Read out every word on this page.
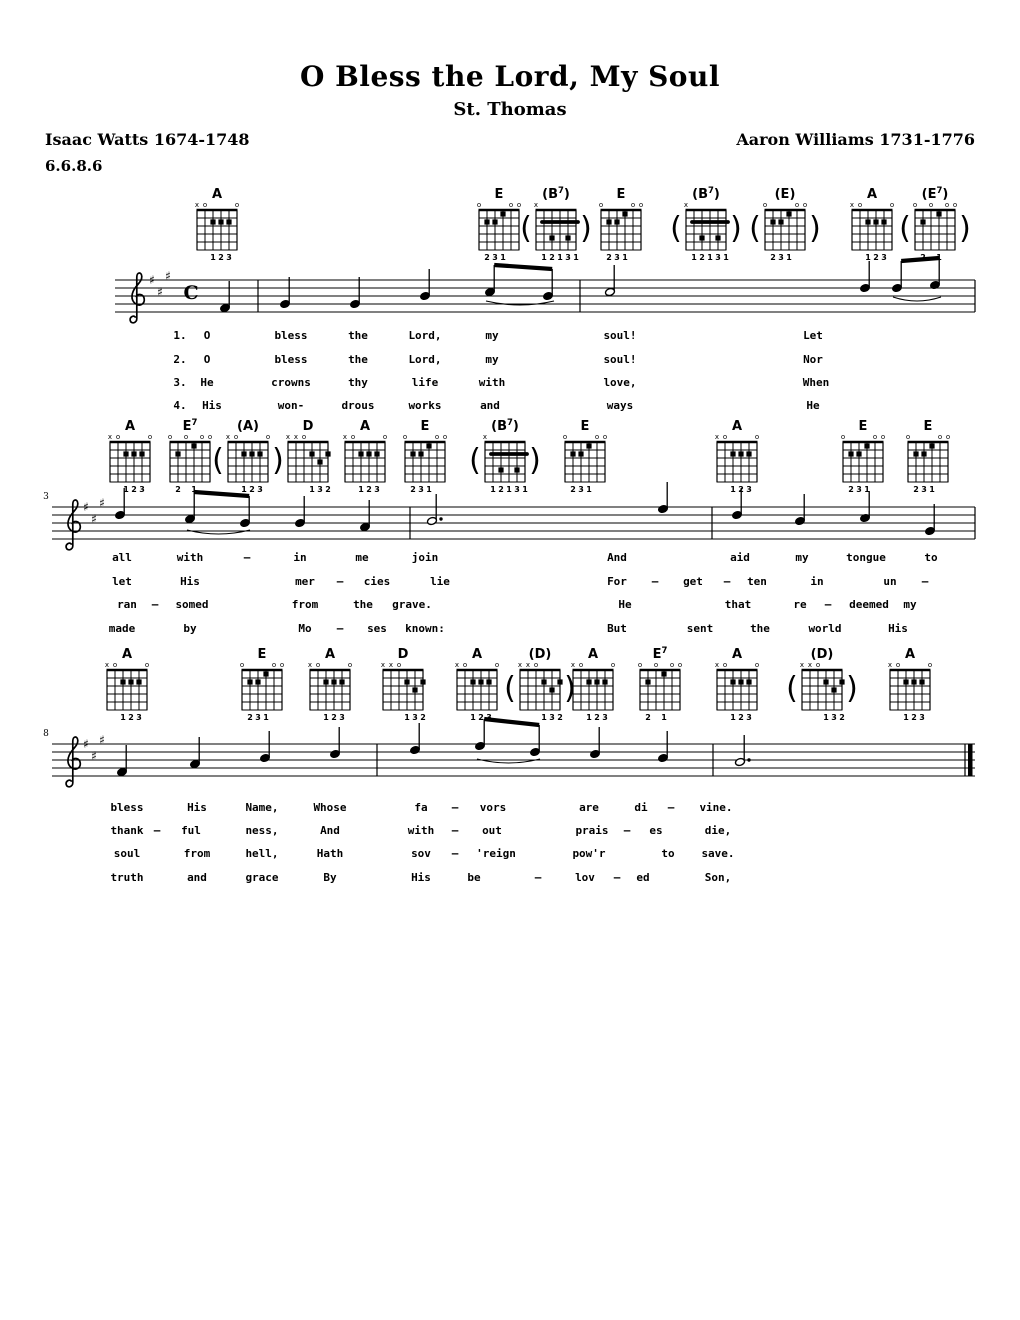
O Bless the Lord, My Soul
St. Thomas
Isaac Watts 1674-1748	Aaron Williams 1731-1776
6.6.8.6
♯
♯
♯
C
3
♯
♯
♯
8
♯
♯
♯
A
x o	o
1 2 3
E
o	o o
2 3 1
$(B^7)$
x
1 2 1 3 1
( )
E
o	o o
2 3 1
$(B^7)$
x
1 2 1 3 1
( )
(E)
o	o o
2 3 1
( )
A
x o	o
1 2 3
$(E^7)$
o o o o
2 1
( )
A
x o	o
1 2 3
$E^7$
o o o o
2 1
(A)
x o	o
1 2 3
( )
D
x x o
1 3 2
A
x o	o
1 2 3
E
o	o o
2 3 1
$(B^7)$
x
1 2 1 3 1
( )
E
o	o o
2 3 1
A
x o	o
1 2 3
E
o	o o
2 3 1
E
o	o o
2 3 1
A
x o	o
1 2 3
E
o	o o
2 3 1
A
x o	o
1 2 3
D
x x o
1 3 2
A
x o	o
1 2 3
(D)
x x o
1 3 2
( )
A
x o	o
1 2 3
$E^7$
o o o o
2 1
A
x o	o
1 2 3
(D)
x x o
1 3 2
( )
A
x o	o
1 2 3
1. O	bless	the	Lord,	my	soul!	Let
2. O	bless	the	Lord,	my	soul!	Nor
3. He	crowns	thy	life	with	love,	When
4. His	won-	drous	works	and	ways	He
all	with	–	in	me	join	And	aid	my	tongue	to
let	His	mer – cies	lie	For – get – ten	in	un –
ran – somed	from	the grave.	He	that	re – deemed my
made	by	Mo – ses known:	But	sent	the	world	His
bless	His	Name,	Whose	fa – vors	are	di – vine.
thank – ful	ness,	And	with – out	prais – es	die,
soul	from	hell,	Hath	sov – 'reign	pow'r	to save.
truth	and	grace	By	His	be	–	lov – ed	Son,
